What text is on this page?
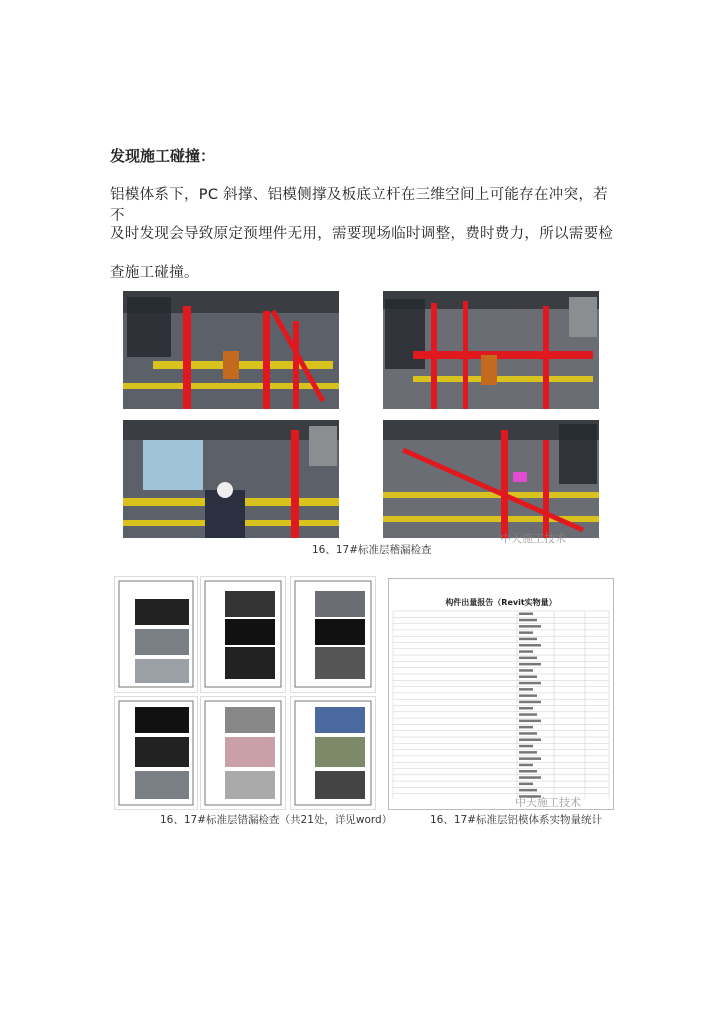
发现施工碰撞：
铝模体系下，PC 斜撑、铝模侧撑及板底立杆在三维空间上可能存在冲突，若不
及时发现会导致原定预埋件无用，需要现场临时调整，费时费力，所以需要检
查施工碰撞。
16、17#标准层稽漏检查
中天施工技术
16、17#标准层错漏检查（共21处，详见word）
构件出量报告（Revit实物量）
16、17#标准层铝模体系实物量统计
中天施工技术
